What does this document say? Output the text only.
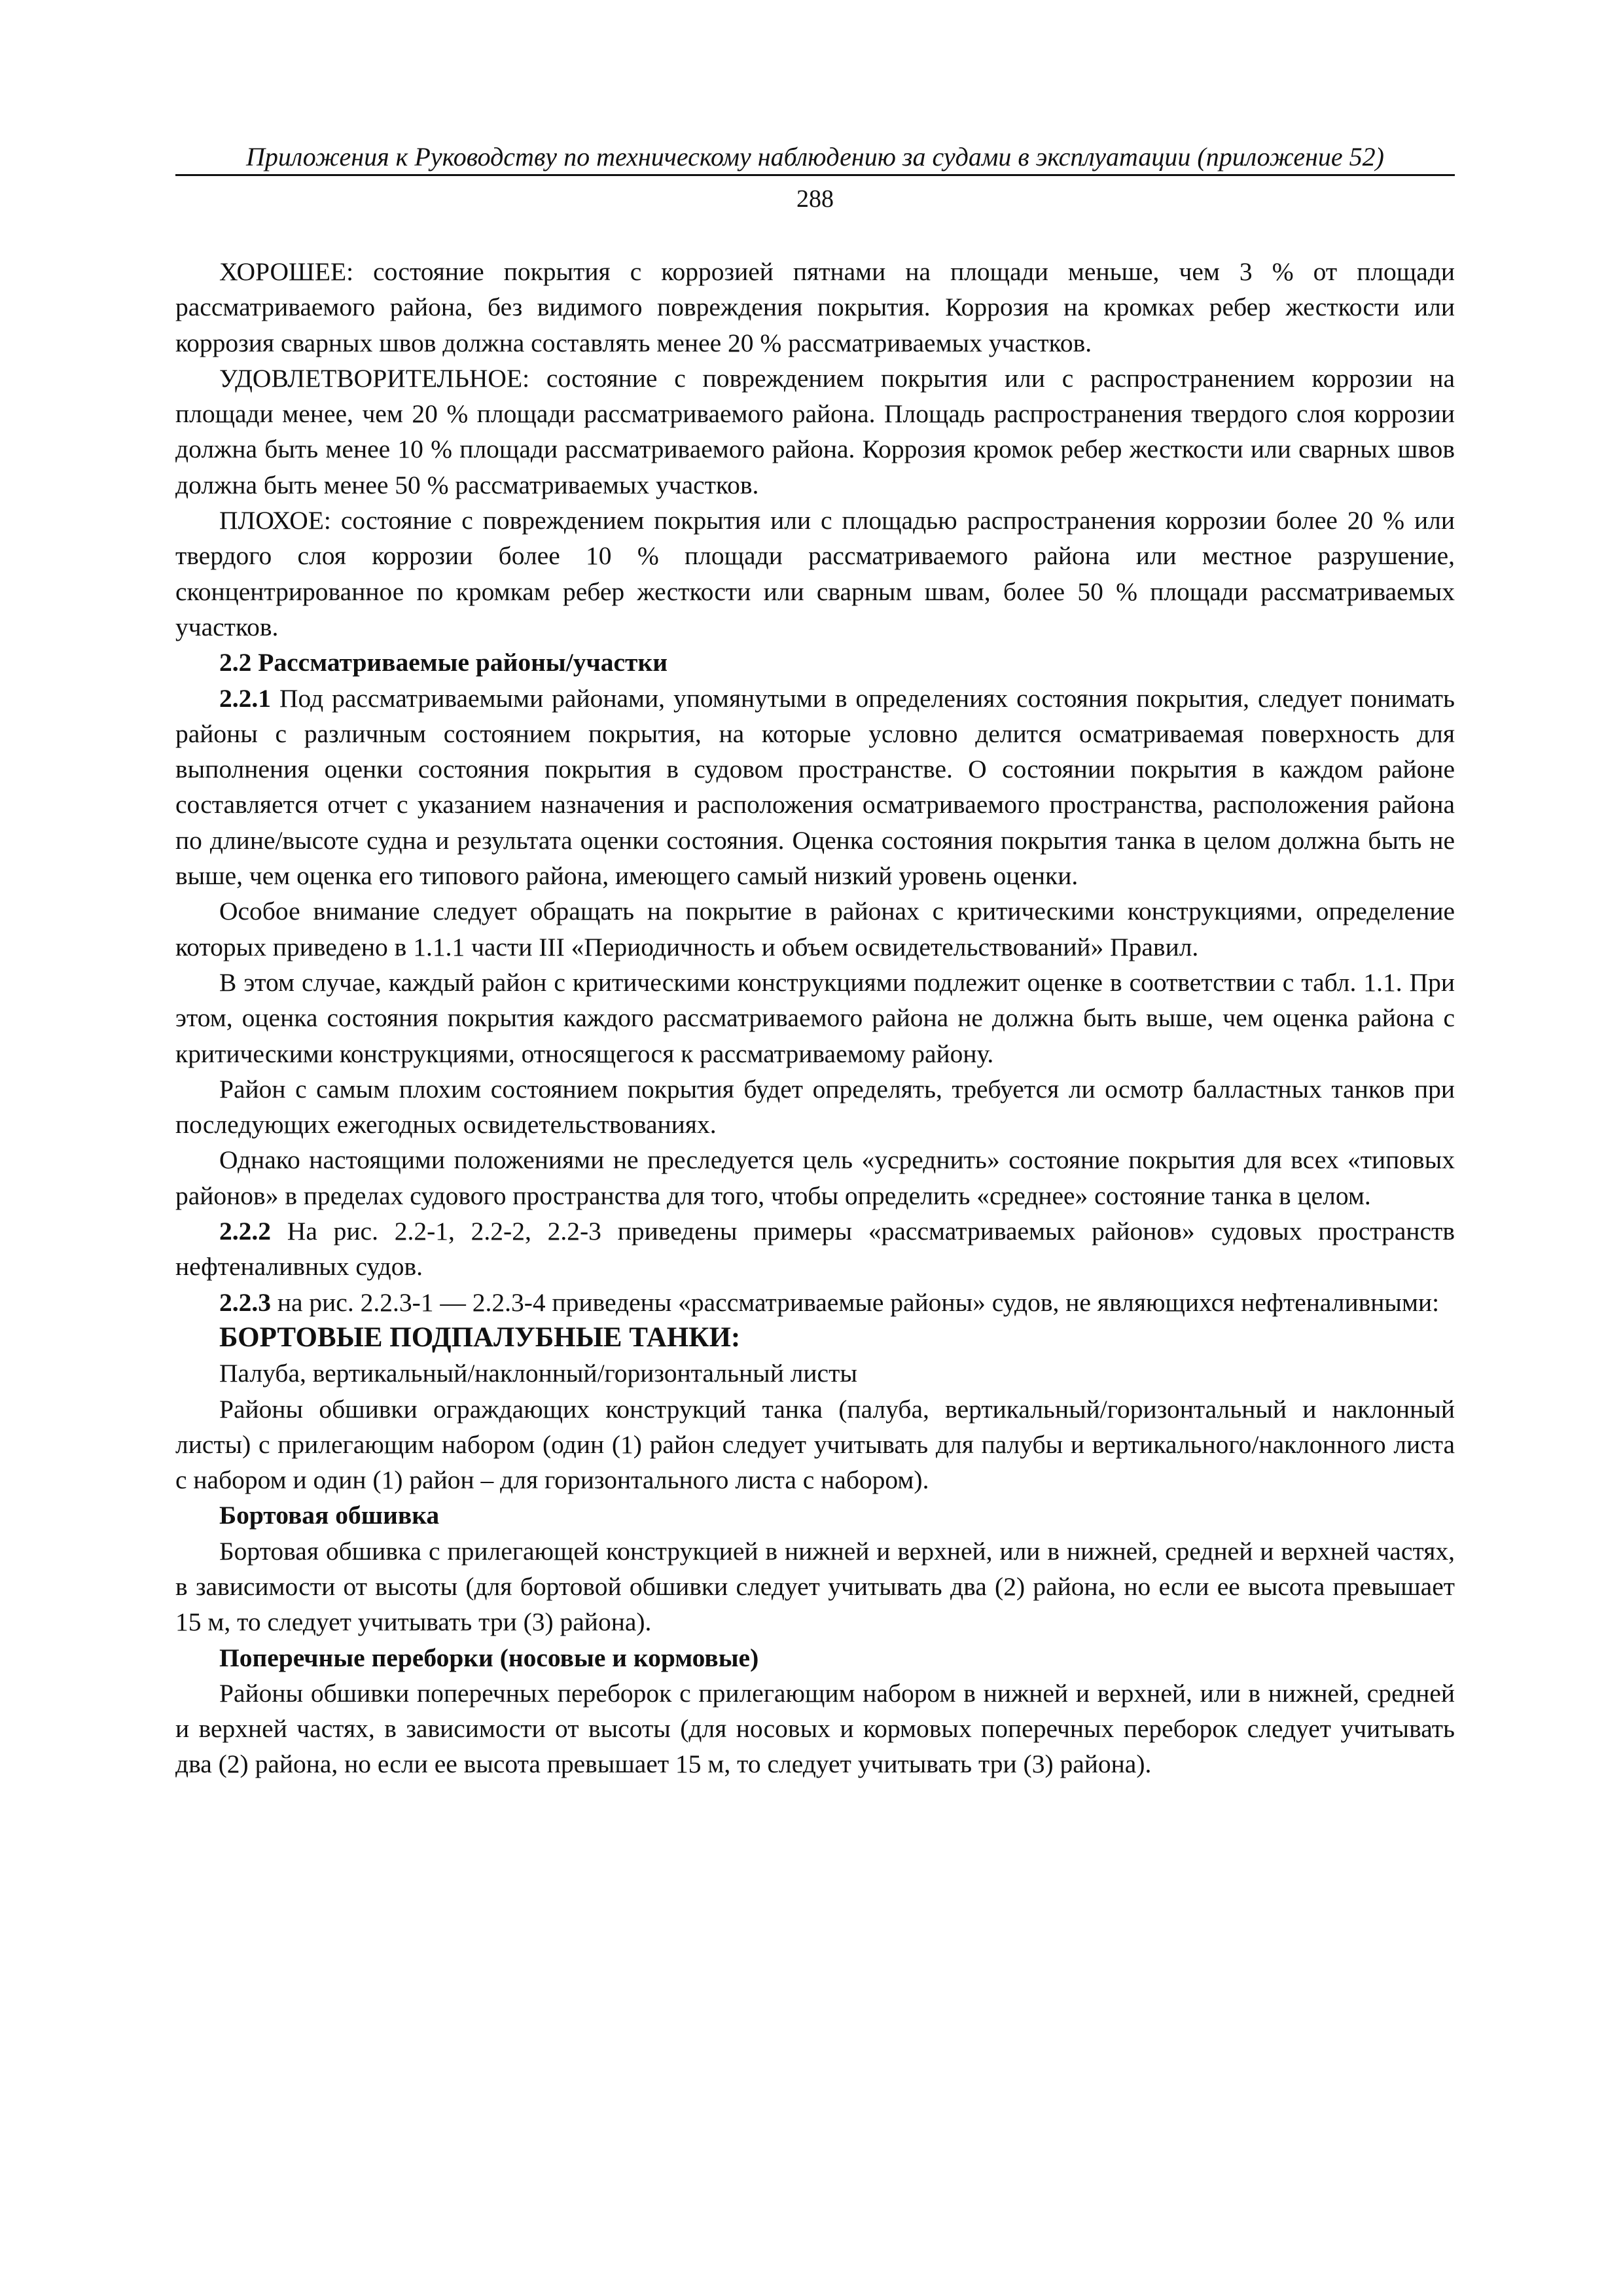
Приложения к Руководству по техническому наблюдению за судами в эксплуатации (приложение 52)
288

ХОРОШЕЕ: состояние покрытия с коррозией пятнами на площади меньше, чем 3 % от площади рассматриваемого района, без видимого повреждения покрытия. Коррозия на кромках ребер жесткости или коррозия сварных швов должна составлять менее 20 % рассматриваемых участков.

УДОВЛЕТВОРИТЕЛЬНОЕ: состояние с повреждением покрытия или с распространением коррозии на площади менее, чем 20 % площади рассматриваемого района. Площадь распространения твердого слоя коррозии должна быть менее 10 % площади рассматриваемого района. Коррозия кромок ребер жесткости или сварных швов должна быть менее 50 % рассматриваемых участков.

ПЛОХОЕ: состояние с повреждением покрытия или с площадью распространения коррозии более 20 % или твердого слоя коррозии более 10 % площади рассматриваемого района или местное разрушение, сконцентрированное по кромкам ребер жесткости или сварным швам, более 50 % площади рассматриваемых участков.

2.2 Рассматриваемые районы/участки

2.2.1 Под рассматриваемыми районами, упомянутыми в определениях состояния покрытия, следует понимать районы с различным состоянием покрытия, на которые условно делится осматриваемая поверхность для выполнения оценки состояния покрытия в судовом пространстве. О состоянии покрытия в каждом районе составляется отчет с указанием назначения и расположения осматриваемого пространства, расположения района по длине/высоте судна и результата оценки состояния. Оценка состояния покрытия танка в целом должна быть не выше, чем оценка его типового района, имеющего самый низкий уровень оценки.

Особое внимание следует обращать на покрытие в районах с критическими конструкциями, определение которых приведено в 1.1.1 части III «Периодичность и объем освидетельствований» Правил.

В этом случае, каждый район с критическими конструкциями подлежит оценке в соответствии с табл. 1.1. При этом, оценка состояния покрытия каждого рассматриваемого района не должна быть выше, чем оценка района с критическими конструкциями, относящегося к рассматриваемому району.

Район с самым плохим состоянием покрытия будет определять, требуется ли осмотр балластных танков при последующих ежегодных освидетельствованиях.

Однако настоящими положениями не преследуется цель «усреднить» состояние покрытия для всех «типовых районов» в пределах судового пространства для того, чтобы определить «среднее» состояние танка в целом.

2.2.2 На рис. 2.2-1, 2.2-2, 2.2-3 приведены примеры «рассматриваемых районов» судовых пространств нефтеналивных судов.

2.2.3 на рис. 2.2.3-1 — 2.2.3-4 приведены «рассматриваемые районы» судов, не являющихся нефтеналивными:

БОРТОВЫЕ ПОДПАЛУБНЫЕ ТАНКИ:

Палуба, вертикальный/наклонный/горизонтальный листы

Районы обшивки ограждающих конструкций танка (палуба, вертикальный/горизонтальный и наклонный листы) с прилегающим набором (один (1) район следует учитывать для палубы и вертикального/наклонного листа с набором и один (1) район – для горизонтального листа с набором).

Бортовая обшивка

Бортовая обшивка с прилегающей конструкцией в нижней и верхней, или в нижней, средней и верхней частях, в зависимости от высоты (для бортовой обшивки следует учитывать два (2) района, но если ее высота превышает 15 м, то следует учитывать три (3) района).

Поперечные переборки (носовые и кормовые)

Районы обшивки поперечных переборок с прилегающим набором в нижней и верхней, или в нижней, средней и верхней частях, в зависимости от высоты (для носовых и кормовых поперечных переборок следует учитывать два (2) района, но если ее высота превышает 15 м, то следует учитывать три (3) района).
